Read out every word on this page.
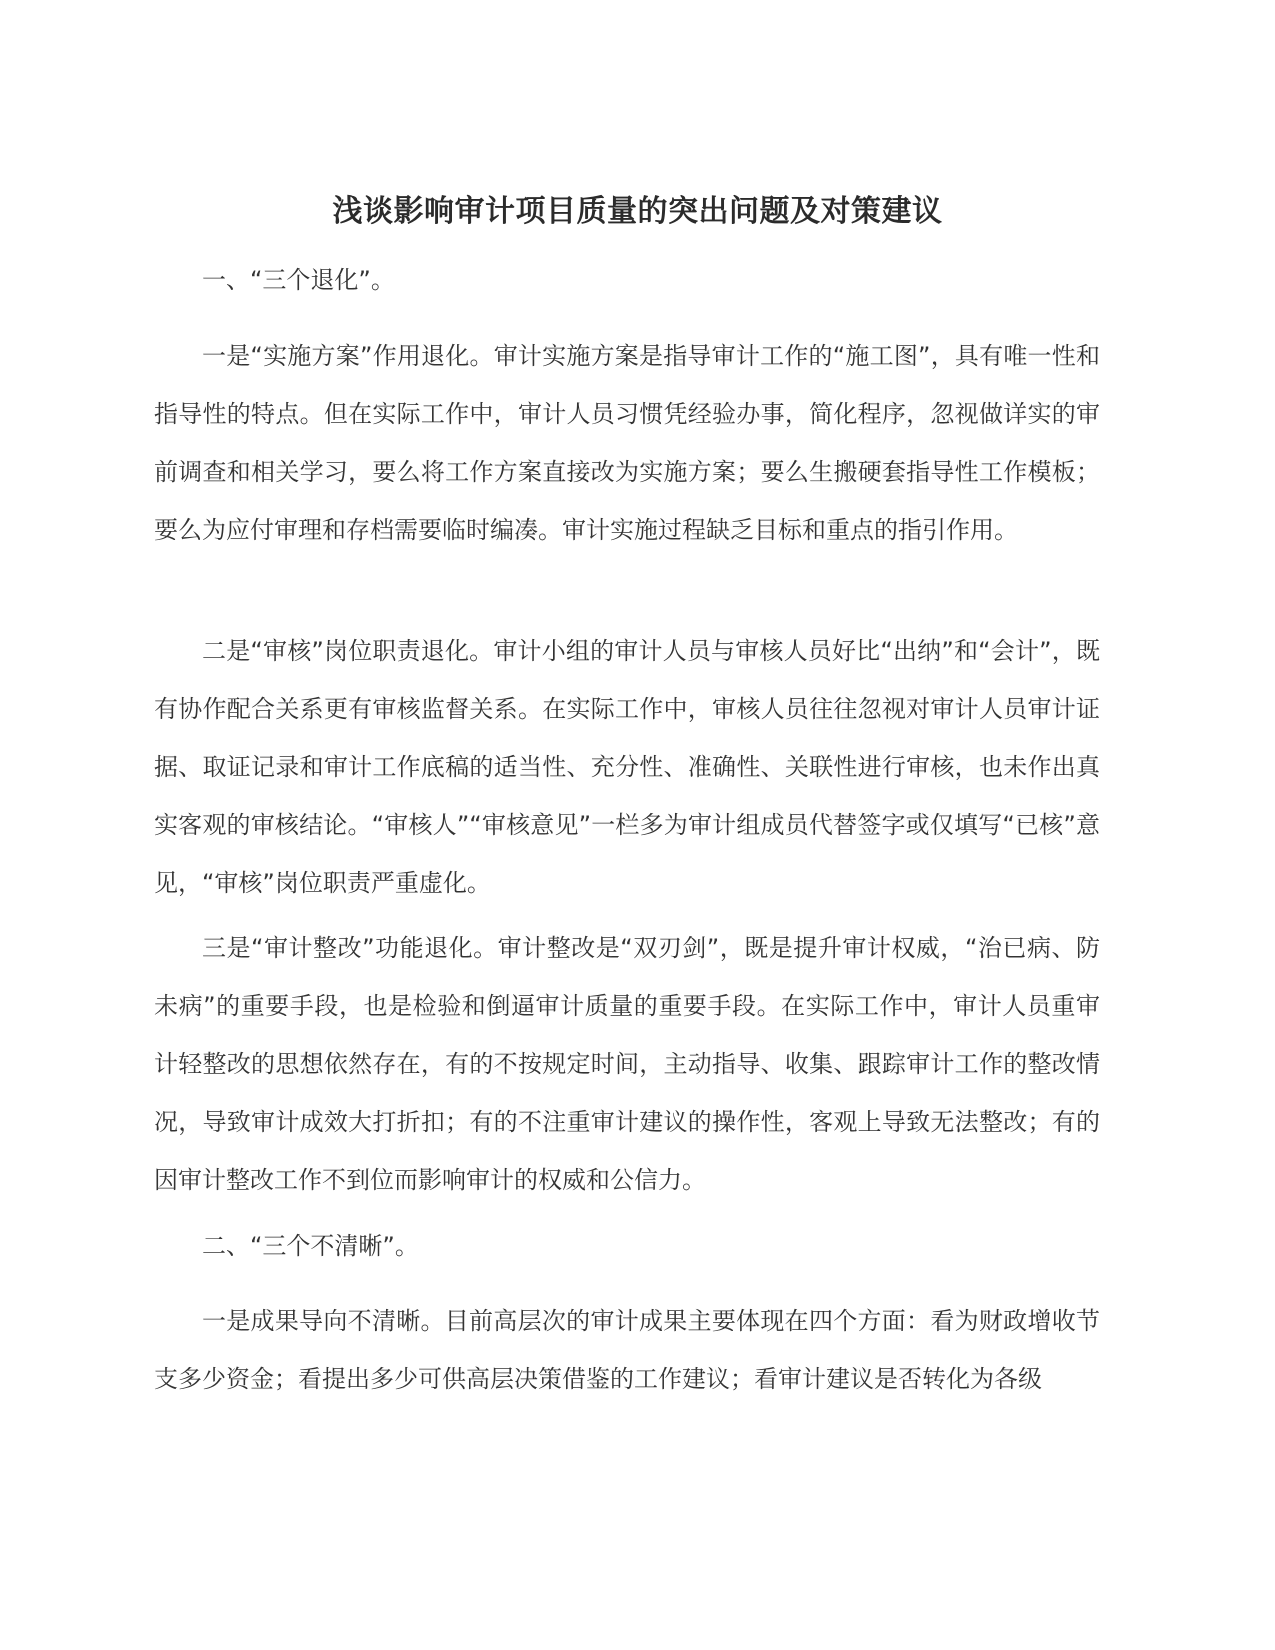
浅谈影响审计项目质量的突出问题及对策建议

一、“三个退化”。

一是“实施方案”作用退化。审计实施方案是指导审计工作的“施工图”，具有唯一性和指导性的特点。但在实际工作中，审计人员习惯凭经验办事，简化程序，忽视做详实的审前调查和相关学习，要么将工作方案直接改为实施方案；要么生搬硬套指导性工作模板；要么为应付审理和存档需要临时编凑。审计实施过程缺乏目标和重点的指引作用。

二是“审核”岗位职责退化。审计小组的审计人员与审核人员好比“出纳”和“会计”，既有协作配合关系更有审核监督关系。在实际工作中，审核人员往往忽视对审计人员审计证据、取证记录和审计工作底稿的适当性、充分性、准确性、关联性进行审核，也未作出真实客观的审核结论。“审核人”“审核意见”一栏多为审计组成员代替签字或仅填写“已核”意见，“审核”岗位职责严重虚化。

三是“审计整改”功能退化。审计整改是“双刃剑”，既是提升审计权威，“治已病、防未病”的重要手段，也是检验和倒逼审计质量的重要手段。在实际工作中，审计人员重审计轻整改的思想依然存在，有的不按规定时间，主动指导、收集、跟踪审计工作的整改情况，导致审计成效大打折扣；有的不注重审计建议的操作性，客观上导致无法整改；有的因审计整改工作不到位而影响审计的权威和公信力。

二、“三个不清晰”。

一是成果导向不清晰。目前高层次的审计成果主要体现在四个方面：看为财政增收节支多少资金；看提出多少可供高层决策借鉴的工作建议；看审计建议是否转化为各级
